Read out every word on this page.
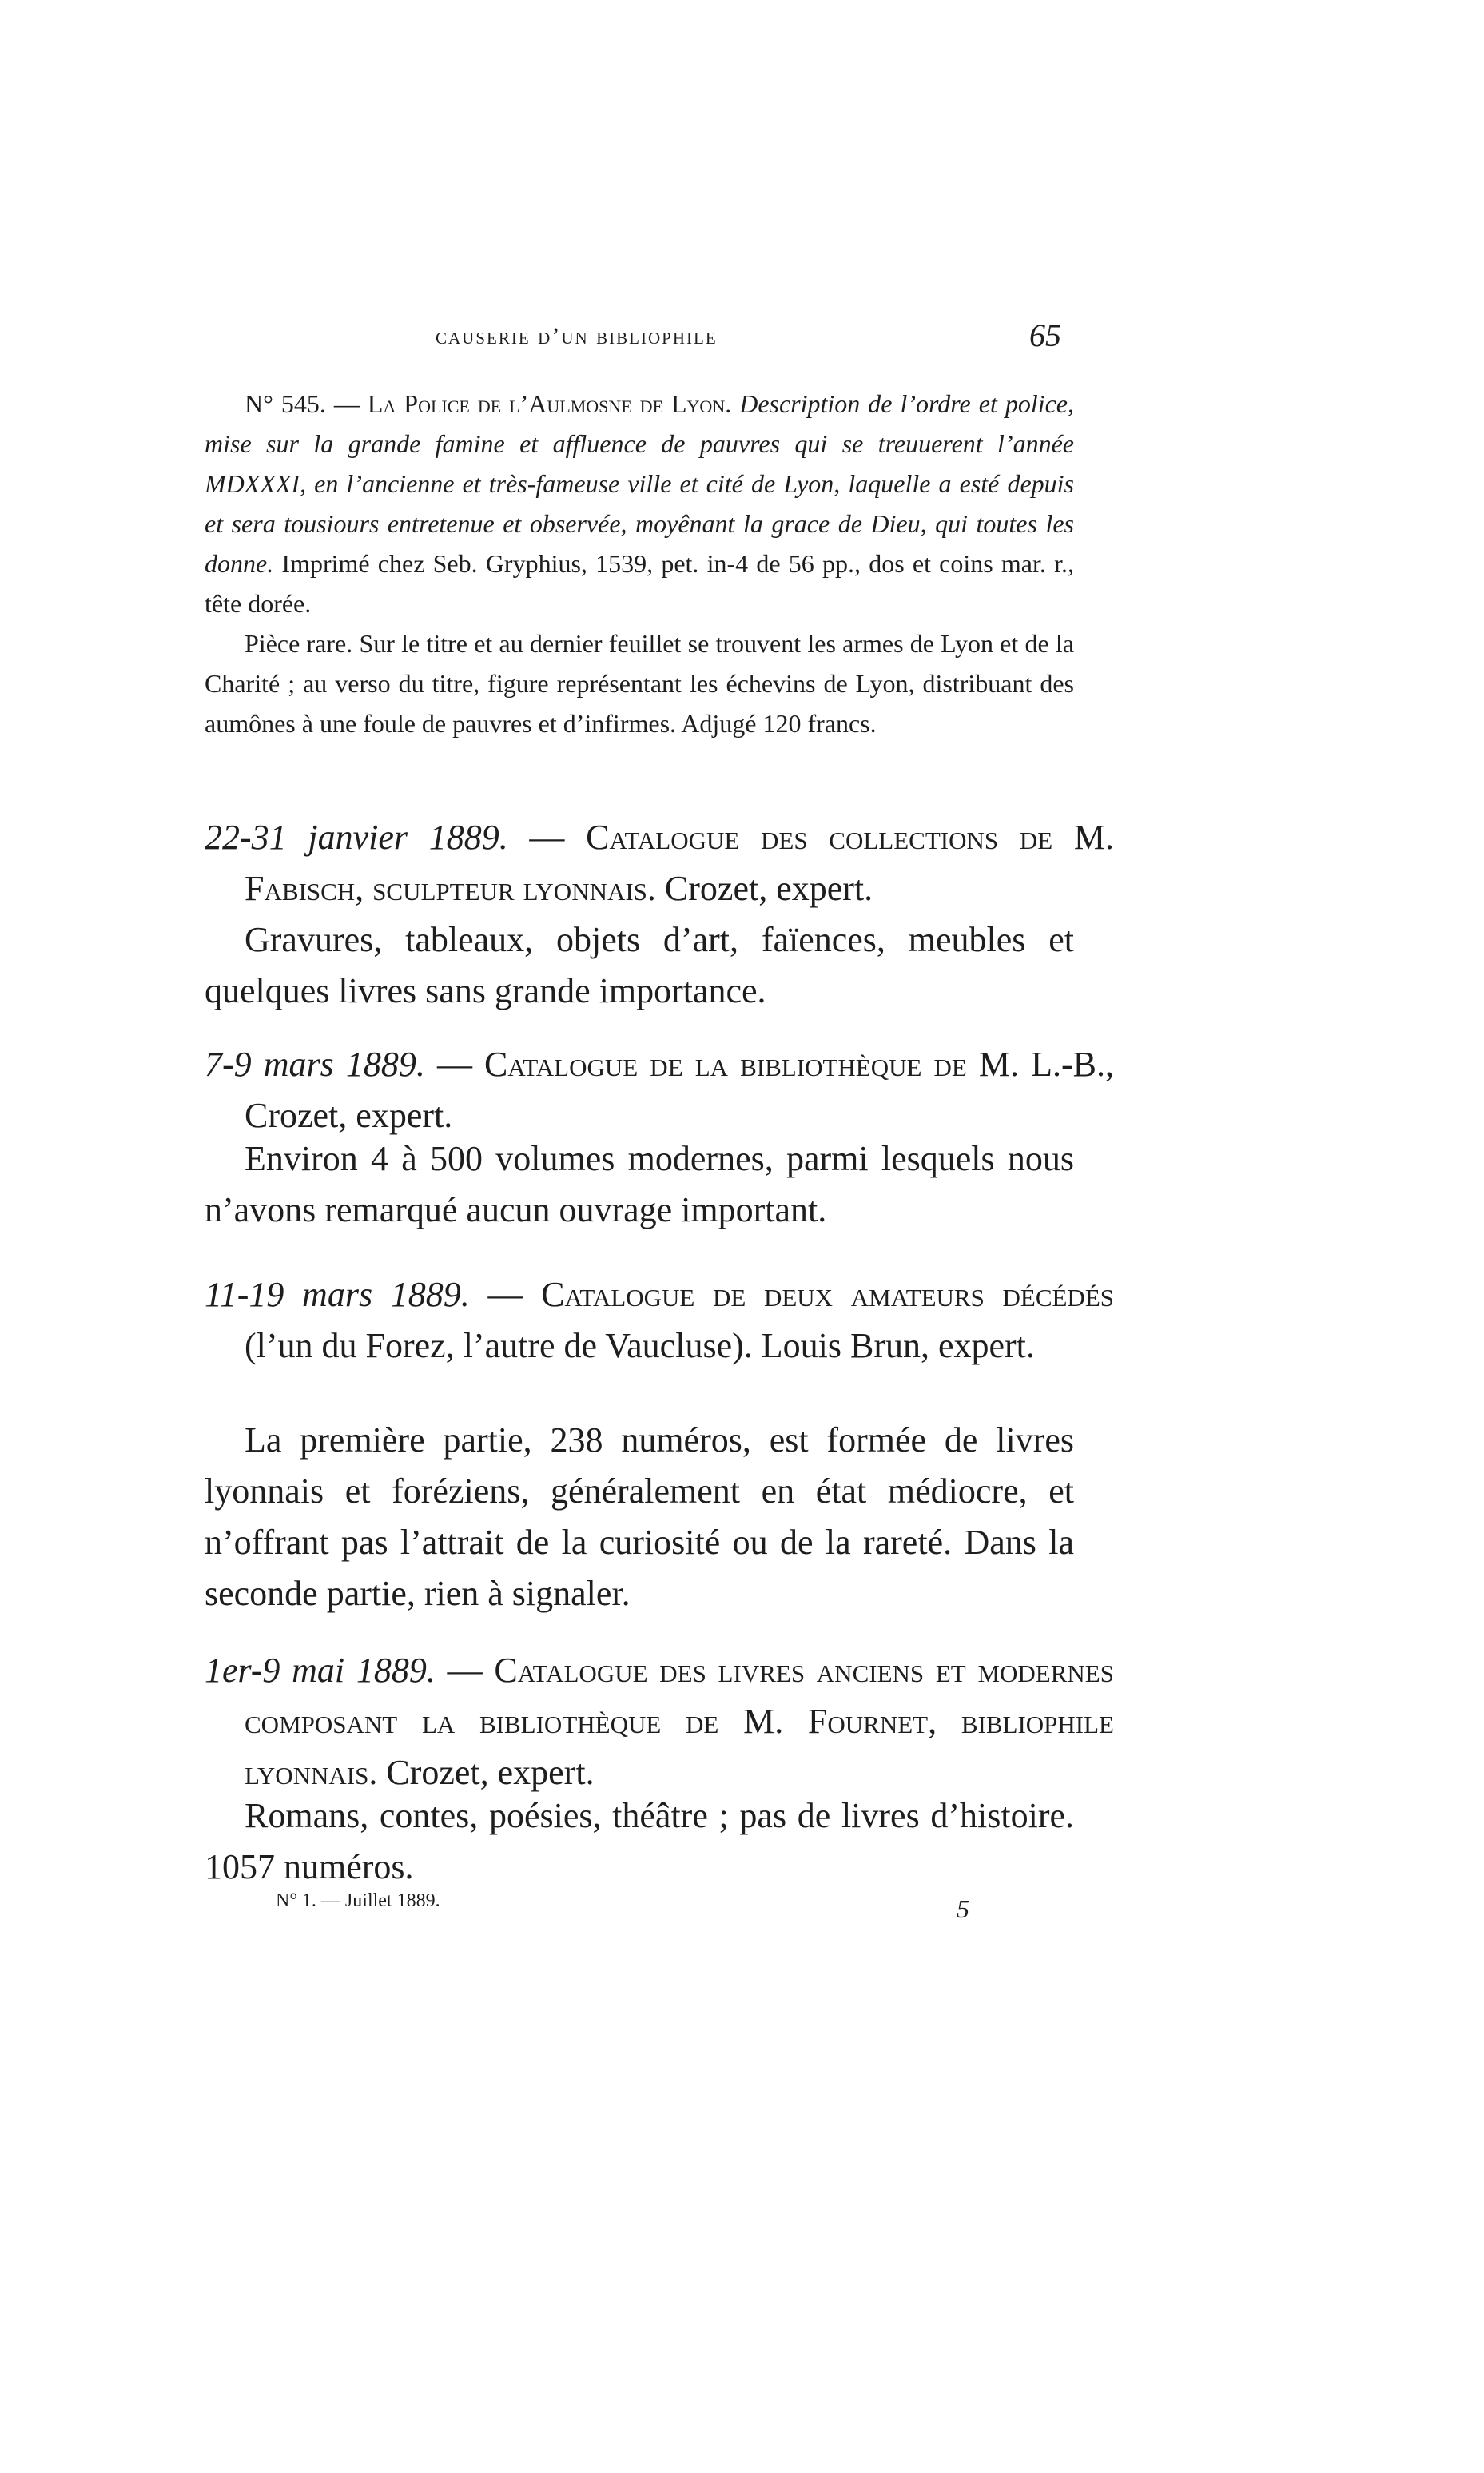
causerie d’un bibliophile	65

N° 545. — La Police de l’Aulmosne de Lyon. Description de l’ordre et police, mise sur la grande famine et affluence de pauvres qui se treuuerent l’année MDXXXI, en l’ancienne et très-fameuse ville et cité de Lyon, laquelle a esté depuis et sera tousiours entretenue et observée, moyênant la grace de Dieu, qui toutes les donne. Imprimé chez Seb. Gryphius, 1539, pet. in-4 de 56 pp., dos et coins mar. r., tête dorée.

Pièce rare. Sur le titre et au dernier feuillet se trouvent les armes de Lyon et de la Charité ; au verso du titre, figure représentant les échevins de Lyon, distribuant des aumônes à une foule de pauvres et d’infirmes. Adjugé 120 francs.

22-31 janvier 1889. — Catalogue des collections de M. Fabisch, sculpteur lyonnais. Crozet, expert.

Gravures, tableaux, objets d’art, faïences, meubles et quelques livres sans grande importance.

7-9 mars 1889. — Catalogue de la bibliothèque de M. L.-B., Crozet, expert.

Environ 4 à 500 volumes modernes, parmi lesquels nous n’avons remarqué aucun ouvrage important.

11-19 mars 1889. — Catalogue de deux amateurs décédés (l’un du Forez, l’autre de Vaucluse). Louis Brun, expert.

La première partie, 238 numéros, est formée de livres lyonnais et foréziens, généralement en état médiocre, et n’offrant pas l’attrait de la curiosité ou de la rareté. Dans la seconde partie, rien à signaler.

1er-9 mai 1889. — Catalogue des livres anciens et modernes composant la bibliothèque de M. Fournet, bibliophile lyonnais. Crozet, expert.

Romans, contes, poésies, théâtre ; pas de livres d’histoire. 1057 numéros.
N° 1. — Juillet 1889.	5
